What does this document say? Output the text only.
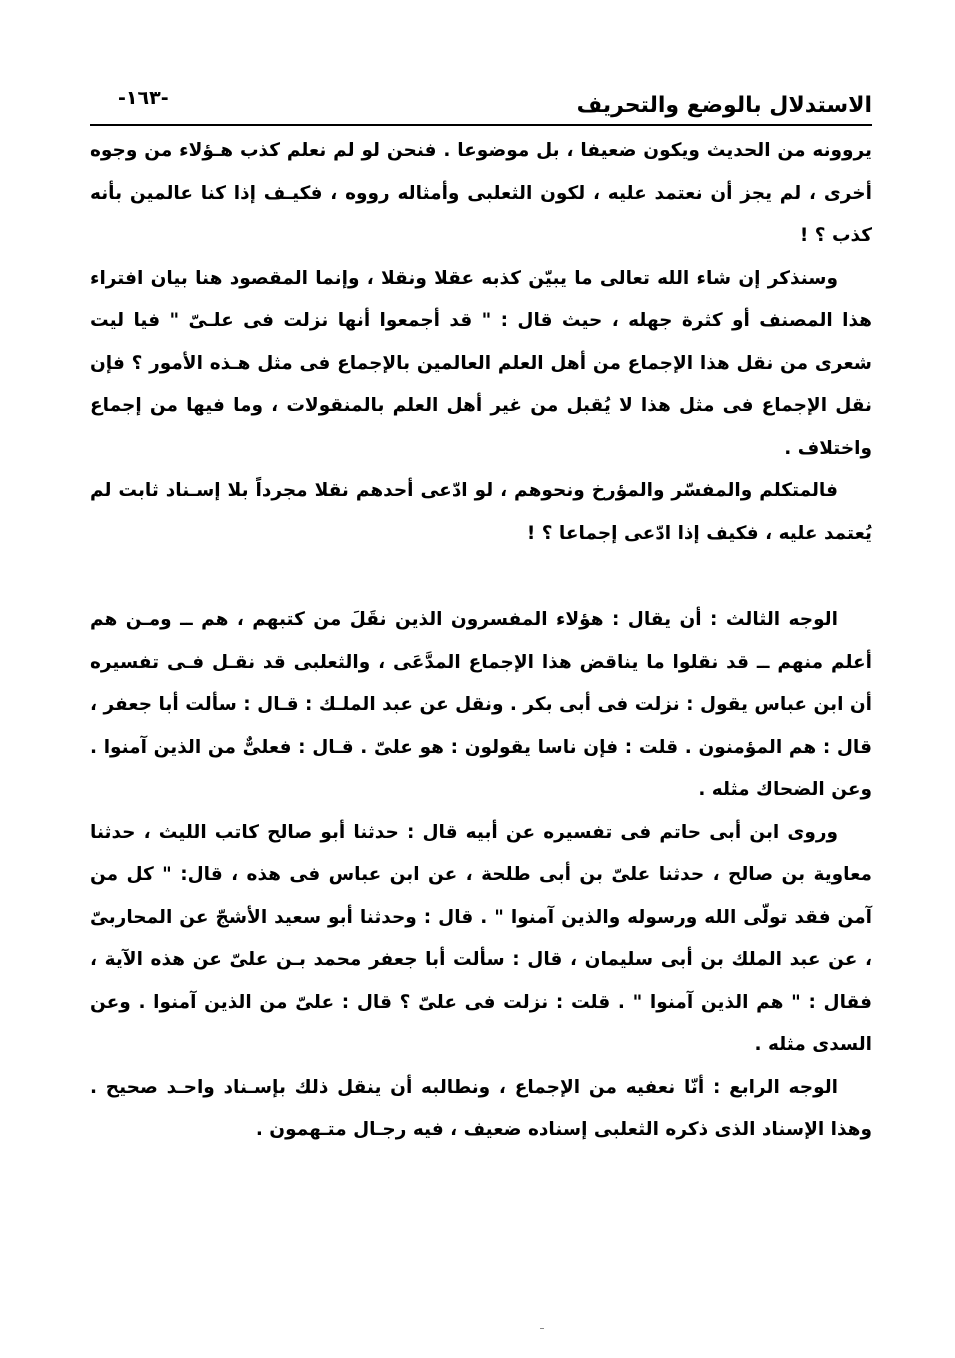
الاستدلال بالوضع والتحريف
-١٦٣-

يروونه من الحديث ويكون ضعيفا ، بل موضوعا . فنحن لو لم نعلم كذب هـؤلاء من وجوه أخرى ، لم يجز أن نعتمد عليه ، لكون الثعلبى وأمثاله رووه ، فكيـف إذا كنا عالمين بأنه كذب ؟ !

وسنذكر إن شاء الله تعالى ما يبيّن كذبه عقلا ونقلا ، وإنما المقصود هنا بيان افتراء هذا المصنف أو كثرة جهله ، حيث قال : " قد أجمعوا أنها نزلت فى علـىّ " فيا ليت شعرى من نقل هذا الإجماع من أهل العلم العالمين بالإجماع فى مثل هـذه الأمور ؟ فإن نقل الإجماع فى مثل هذا لا يُقبل من غير أهل العلم بالمنقولات ، وما فيها من إجماع واختلاف .

فالمتكلم والمفسّر والمؤرخ ونحوهم ، لو ادّعى أحدهم نقلا مجرداً بلا إسـناد ثابت لم يُعتمد عليه ، فكيف إذا ادّعى إجماعا ؟ !

الوجه الثالث : أن يقال : هؤلاء المفسرون الذين نقَلَ من كتبهم ، هم ــ ومـن هم أعلم منهم ــ قد نقلوا ما يناقض هذا الإجماع المدَّعَى ، والثعلبى قد نقـل فـى تفسيره أن ابن عباس يقول : نزلت فى أبى بكر . ونقل عن عبد الملـك : قـال : سألت أبا جعفر ، قال : هم المؤمنون . قلت : فإن ناسا يقولون : هو علىّ . قـال : فعلىٌّ من الذين آمنوا . وعن الضحاك مثله .

وروى ابن أبى حاتم فى تفسيره عن أبيه قال : حدثنا أبو صالح كاتب الليث ، حدثنا معاوية بن صالح ، حدثنا علىّ بن أبى طلحة ، عن ابن عباس فى هذه ، قال: " كل من آمن فقد تولّى الله ورسوله والذين آمنوا " . قال : وحدثنا أبو سعيد الأشجّ عن المحاربىّ ، عن عبد الملك بن أبى سليمان ، قال : سألت أبا جعفر محمد بـن علىّ عن هذه الآية ، فقال : " هم الذين آمنوا " . قلت : نزلت فى علىّ ؟ قال : علىّ من الذين آمنوا . وعن السدى مثله .

الوجه الرابع : أنّا نعفيه من الإجماع ، ونطالبه أن ينقل ذلك بإسـناد واحـد صحيح . وهذا الإسناد الذى ذكره الثعلبى إسناده ضعيف ، فيه رجـال متـهمون .
